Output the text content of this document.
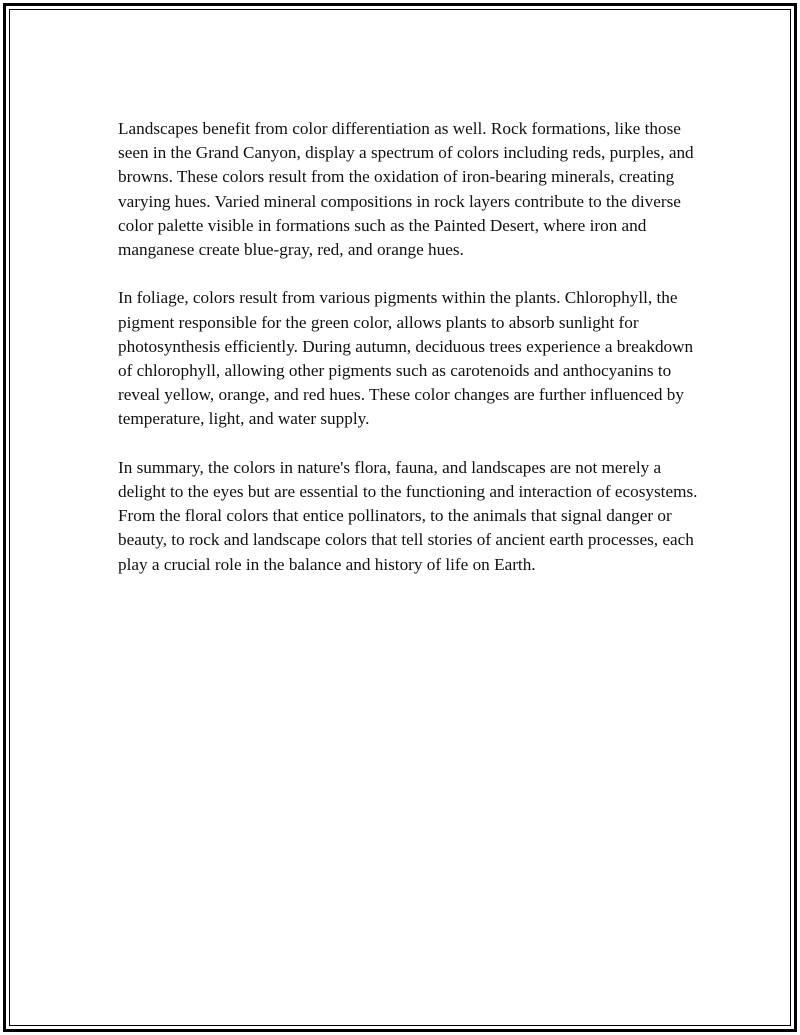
Landscapes benefit from color differentiation as well. Rock formations, like those seen in the Grand Canyon, display a spectrum of colors including reds, purples, and browns. These colors result from the oxidation of iron-bearing minerals, creating varying hues. Varied mineral compositions in rock layers contribute to the diverse color palette visible in formations such as the Painted Desert, where iron and manganese create blue-gray, red, and orange hues.

In foliage, colors result from various pigments within the plants. Chlorophyll, the pigment responsible for the green color, allows plants to absorb sunlight for photosynthesis efficiently. During autumn, deciduous trees experience a breakdown of chlorophyll, allowing other pigments such as carotenoids and anthocyanins to reveal yellow, orange, and red hues. These color changes are further influenced by temperature, light, and water supply.

In summary, the colors in nature's flora, fauna, and landscapes are not merely a delight to the eyes but are essential to the functioning and interaction of ecosystems. From the floral colors that entice pollinators, to the animals that signal danger or beauty, to rock and landscape colors that tell stories of ancient earth processes, each play a crucial role in the balance and history of life on Earth.
